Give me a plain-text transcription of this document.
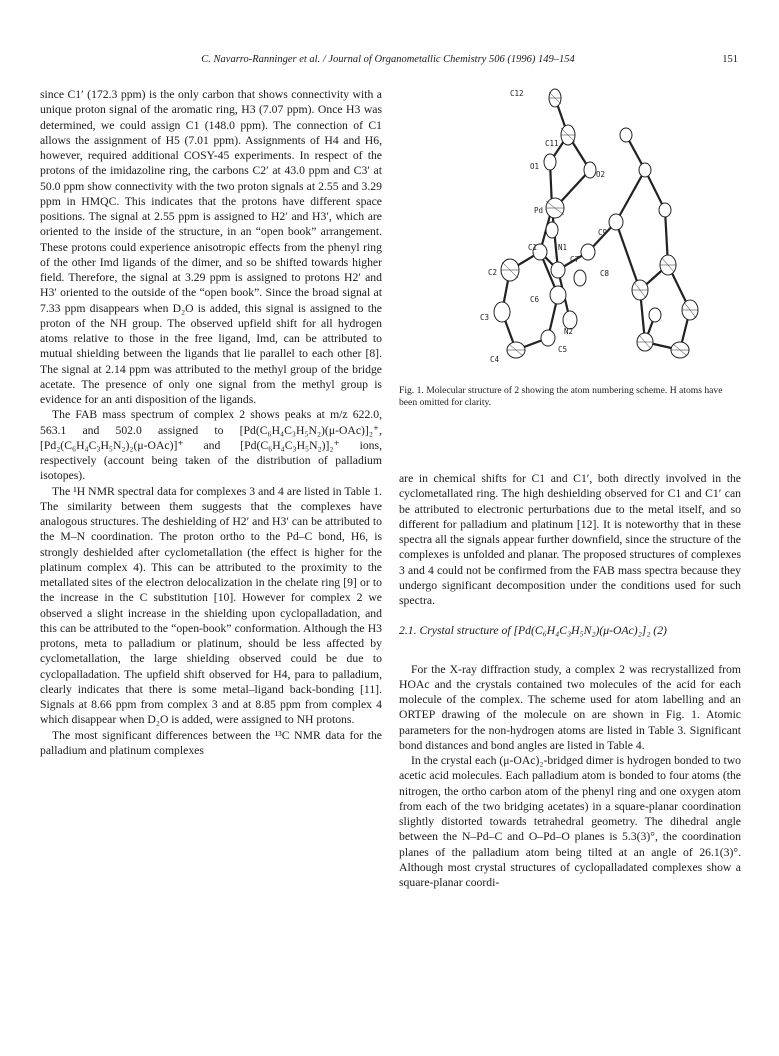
C. Navarro-Ranninger et al. / Journal of Organometallic Chemistry 506 (1996) 149–154	151

since C1′ (172.3 ppm) is the only carbon that shows connectivity with a unique proton signal of the aromatic ring, H3 (7.07 ppm). Once H3 was determined, we could assign C1 (148.0 ppm). The connection of C1 allows the assignment of H5 (7.01 ppm). Assignments of H4 and H6, however, required additional COSY-45 experiments. In respect of the protons of the imidazoline ring, the carbons C2′ at 43.0 ppm and C3′ at 50.0 ppm show connectivity with the two proton signals at 2.55 and 3.29 ppm in HMQC. This indicates that the protons have different space positions. The signal at 2.55 ppm is assigned to H2′ and H3′, which are oriented to the inside of the structure, in an “open book” arrangement. These protons could experience anisotropic effects from the phenyl ring of the other Imd ligands of the dimer, and so be shifted towards higher field. Therefore, the signal at 3.29 ppm is assigned to protons H2′ and H3′ oriented to the outside of the “open book”. Since the broad signal at 7.33 ppm disappears when D₂O is added, this signal is assigned to the proton of the NH group. The observed upfield shift for all hydrogen atoms relative to those in the free ligand, Imd, can be attributed to mutual shielding between the ligands that lie parallel to each other [8]. The signal at 2.14 ppm was attributed to the methyl group of the bridge acetate. The presence of only one signal from the methyl group is evidence for an anti disposition of the ligands.

The FAB mass spectrum of complex 2 shows peaks at m/z 622.0, 563.1 and 502.0 assigned to [Pd(C₆H₄C₃H₅N₂)(μ-OAc)]₂⁺, [Pd₂(C₆H₄C₃H₅N₂)₂(μ-OAc)]⁺ and [Pd(C₆H₄C₃H₅N₂)]₂⁺ ions, respectively (account being taken of the distribution of palladium isotopes).

The ¹H NMR spectral data for complexes 3 and 4 are listed in Table 1. The similarity between them suggests that the complexes have analogous structures. The deshielding of H2′ and H3′ can be attributed to the M–N coordination. The proton ortho to the Pd–C bond, H6, is strongly deshielded after cyclometallation (the effect is higher for the platinum complex 4). This can be attributed to the proximity to the metallated sites of the electron delocalization in the chelate ring [9] or to the increase in the C substitution [10]. However for complex 2 we observed a slight increase in the shielding upon cyclopalladation, and this can be attributed to the “open-book” conformation. Although the H3 protons, meta to palladium or platinum, should be less affected by cyclometallation, the large shielding observed could be due to cyclopalladation. The upfield shift observed for H4, para to palladium, clearly indicates that there is some metal–ligand back-bonding [11]. Signals at 8.66 ppm from complex 3 and at 8.85 ppm from complex 4 which disappear when D₂O is added, were assigned to NH protons.

The most significant differences between the ¹³C NMR data for the palladium and platinum complexes

C12
C11
O1
O2
Pd
C9
N1
C1
C2
C7
C8
C6
C3
N2
C5
C4
Fig. 1. Molecular structure of 2 showing the atom numbering scheme. H atoms have been omitted for clarity.

are in chemical shifts for C1 and C1′, both directly involved in the cyclometallated ring. The high deshielding observed for C1 and C1′ can be attributed to electronic perturbations due to the metal itself, and so different for palladium and platinum [12]. It is noteworthy that in these spectra all the signals appear further downfield, since the structure of the complexes is unfolded and planar. The proposed structures of complexes 3 and 4 could not be confirmed from the FAB mass spectra because they undergo significant decomposition under the conditions used for such spectra.

2.1. Crystal structure of [Pd(C₆H₄C₃H₅N₂)(μ-OAc)₂]₂ (2)

For the X-ray diffraction study, a complex 2 was recrystallized from HOAc and the crystals contained two molecules of the acid for each molecule of the complex. The scheme used for atom labelling and an ORTEP drawing of the molecule on are shown in Fig. 1. Atomic parameters for the non-hydrogen atoms are listed in Table 3. Significant bond distances and bond angles are listed in Table 4.

In the crystal each (μ-OAc)₂-bridged dimer is hydrogen bonded to two acetic acid molecules. Each palladium atom is bonded to four atoms (the nitrogen, the ortho carbon atom of the phenyl ring and one oxygen atom from each of the two bridging acetates) in a square-planar coordination slightly distorted towards tetrahedral geometry. The dihedral angle between the N–Pd–C and O–Pd–O planes is 5.3(3)°, the coordination planes of the palladium atom being tilted at an angle of 26.1(3)°. Although most crystal structures of cyclopalladated complexes show a square-planar coordi-
